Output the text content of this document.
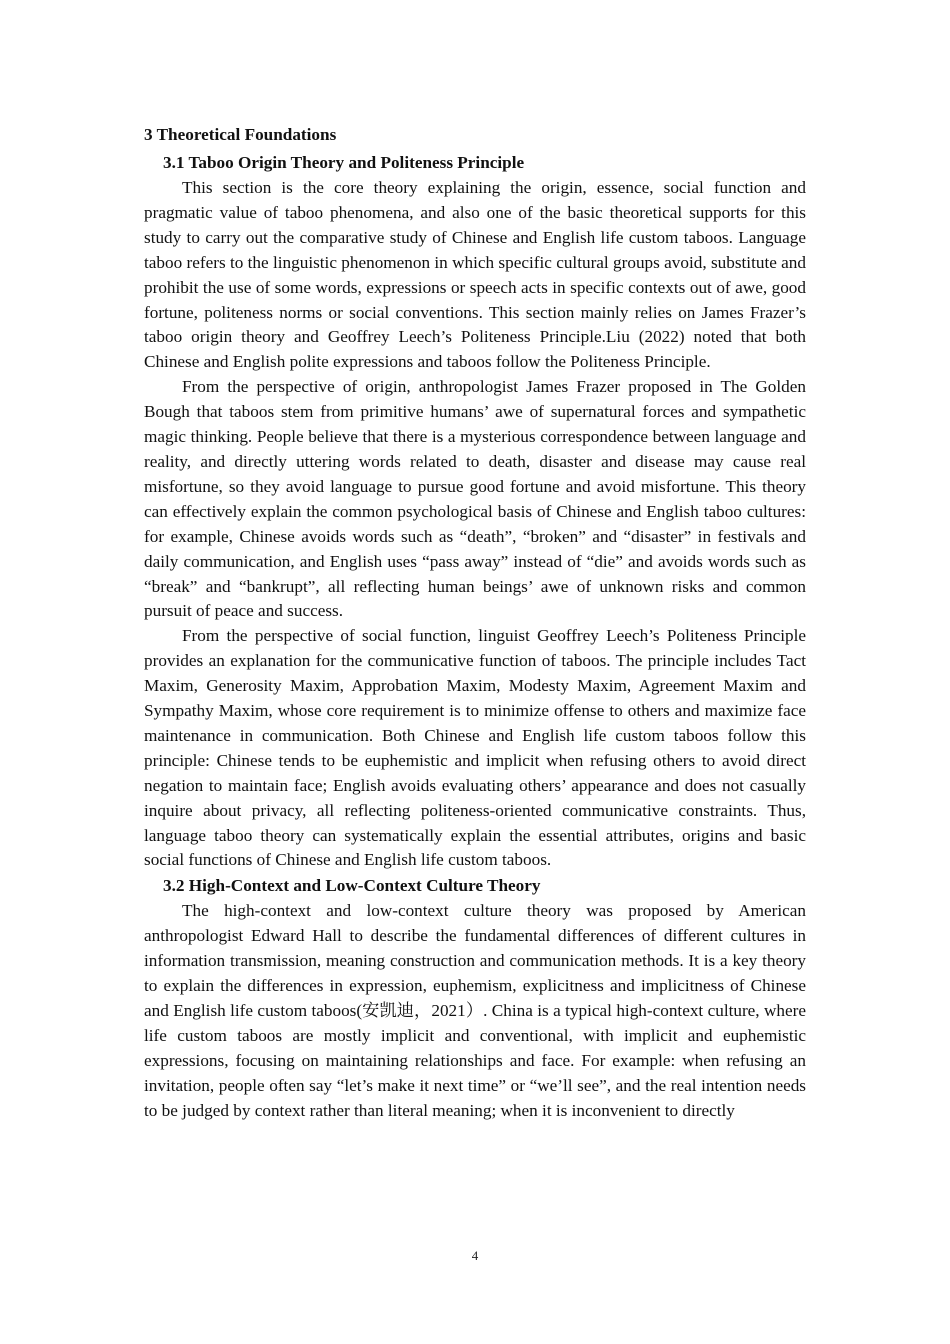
3 Theoretical Foundations
3.1 Taboo Origin Theory and Politeness Principle

This section is the core theory explaining the origin, essence, social function and pragmatic value of taboo phenomena, and also one of the basic theoretical supports for this study to carry out the comparative study of Chinese and English life custom taboos. Language taboo refers to the linguistic phenomenon in which specific cultural groups avoid, substitute and prohibit the use of some words, expressions or speech acts in specific contexts out of awe, good fortune, politeness norms or social conventions. This section mainly relies on James Frazer’s taboo origin theory and Geoffrey Leech’s Politeness Principle.Liu (2022) noted that both Chinese and English polite expressions and taboos follow the Politeness Principle.

From the perspective of origin, anthropologist James Frazer proposed in The Golden Bough that taboos stem from primitive humans’ awe of supernatural forces and sympathetic magic thinking. People believe that there is a mysterious correspondence between language and reality, and directly uttering words related to death, disaster and disease may cause real misfortune, so they avoid language to pursue good fortune and avoid misfortune. This theory can effectively explain the common psychological basis of Chinese and English taboo cultures: for example, Chinese avoids words such as “death”, “broken” and “disaster” in festivals and daily communication, and English uses “pass away” instead of “die” and avoids words such as “break” and “bankrupt”, all reflecting human beings’ awe of unknown risks and common pursuit of peace and success.

From the perspective of social function, linguist Geoffrey Leech’s Politeness Principle provides an explanation for the communicative function of taboos. The principle includes Tact Maxim, Generosity Maxim, Approbation Maxim, Modesty Maxim, Agreement Maxim and Sympathy Maxim, whose core requirement is to minimize offense to others and maximize face maintenance in communication. Both Chinese and English life custom taboos follow this principle: Chinese tends to be euphemistic and implicit when refusing others to avoid direct negation to maintain face; English avoids evaluating others’ appearance and does not casually inquire about privacy, all reflecting politeness-oriented communicative constraints. Thus, language taboo theory can systematically explain the essential attributes, origins and basic social functions of Chinese and English life custom taboos.

3.2 High-Context and Low-Context Culture Theory

The high-context and low-context culture theory was proposed by American anthropologist Edward Hall to describe the fundamental differences of different cultures in information transmission, meaning construction and communication methods. It is a key theory to explain the differences in expression, euphemism, explicitness and implicitness of Chinese and English life custom taboos(安凯迪，2021）. China is a typical high-context culture, where life custom taboos are mostly implicit and conventional, with implicit and euphemistic expressions, focusing on maintaining relationships and face. For example: when refusing an invitation, people often say “let’s make it next time” or “we’ll see”, and the real intention needs to be judged by context rather than literal meaning; when it is inconvenient to directly

4
